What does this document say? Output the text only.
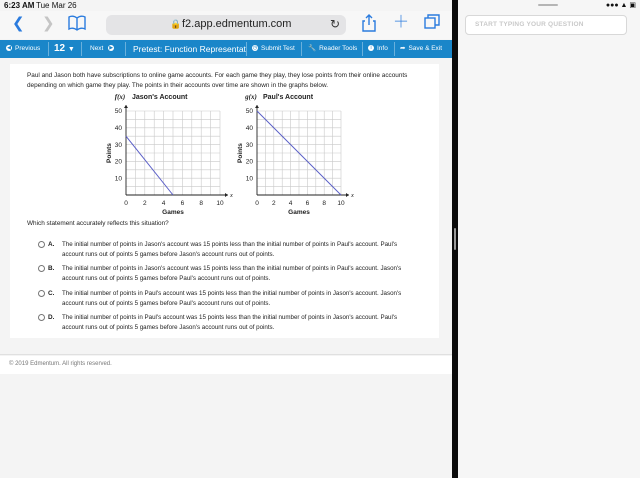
6:23 AM Tue Mar 26
❮ ❯	🔒 f2.app.edmentum.com	↻	＋
◀ Previous 12 ▼ Next ▶	Pretest: Function Representat ◷ Submit Test 🔧 Reader Tools	i Info ➦ Save & Exit

Paul and Jason both have subscriptions to online game accounts. For each game they play, they lose points from their online accounts depending on which game they play. The points in their accounts over time are shown in the graphs below.

0 2 4 6 8 10
10
20
30
40
50
x
Games
Points
f(x) Jason's Account
0 2 4 6 8 10
10
20
30
40
50
x
Games
Points
g(x) Paul's Account

Which statement accurately reflects this situation?

A. The initial number of points in Jason's account was 15 points less than the initial number of points in Paul's account. Paul's account runs out of points 5 games before Jason's account runs out of points.
B. The initial number of points in Jason's account was 15 points less than the initial number of points in Paul's account. Jason's account runs out of points 5 games before Paul's account runs out of points.
C. The initial number of points in Paul's account was 15 points less than the initial number of points in Jason's account. Jason's account runs out of points 5 games before Paul's account runs out of points.
D. The initial number of points in Paul's account was 15 points less than the initial number of points in Jason's account. Paul's account runs out of points 5 games before Jason's account runs out of points.
© 2019 Edmentum. All rights reserved.
●●● ▲ ▣
START TYPING YOUR QUESTION
